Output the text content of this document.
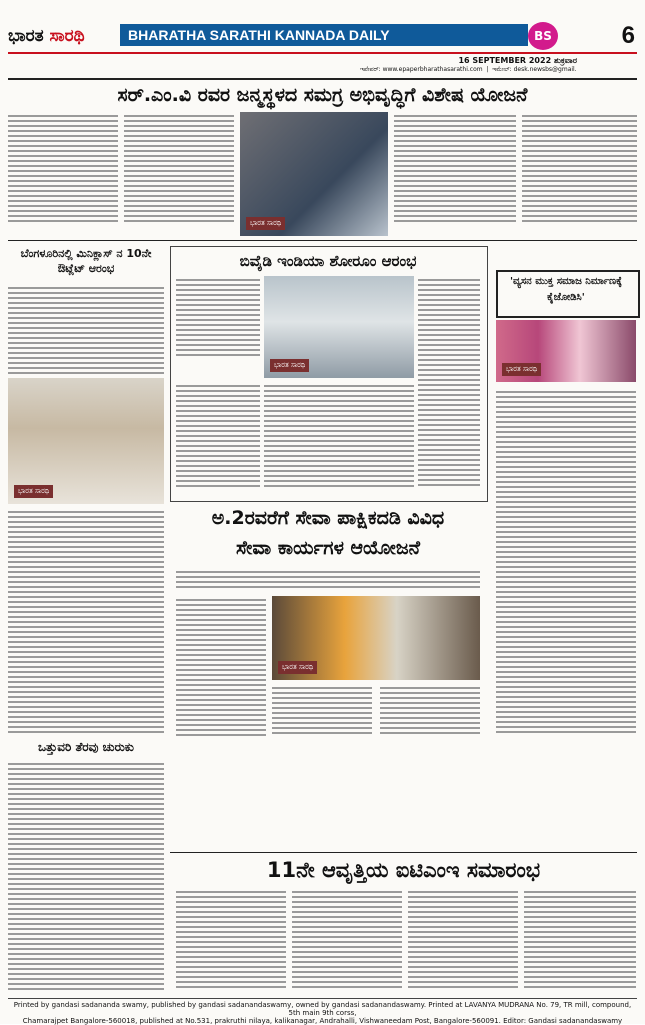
ಭಾರತ ಸಾರಥಿ	BHARATHA SARATHI KANNADA DAILY	BS	6
16 SEPTEMBER 2022 ಶುಕ್ರವಾರ
ಇಪೇಪರ್: www.epaperbharathasarathi.com  |  ಇಮೇಲ್: desk.newsbs@gmail.
ಸರ್.ಎಂ.ವಿ ರವರ ಜನ್ಮಸ್ಥಳದ ಸಮಗ್ರ ಅಭಿವೃದ್ಧಿಗೆ ವಿಶೇಷ ಯೋಜನೆ
ಭಾರತ ಸಾರಥಿ
ಬೆಂಗಳೂರಿನಲ್ಲಿ ಮಿನಿಕ್ಲಾಸ್ ನ 10ನೇ ಔಟ್ಲೆಟ್ ಆರಂಭ
ಭಾರತ ಸಾರಥಿ
ಬಿವೈಡಿ ಇಂಡಿಯಾ ಶೋರೂಂ ಆರಂಭ
ಭಾರತ ಸಾರಥಿ
'ವ್ಯಸನ ಮುಕ್ತ ಸಮಾಜ ನಿರ್ಮಾಣಕ್ಕೆ ಕೈಜೋಡಿಸಿ'
ಭಾರತ ಸಾರಥಿ
ಅ.2ರವರೆಗೆ ಸೇವಾ ಪಾಕ್ಷಿಕದಡಿ ವಿವಿಧ
ಸೇವಾ ಕಾರ್ಯಗಳ ಆಯೋಜನೆ
ಭಾರತ ಸಾರಥಿ
ಒತ್ತುವರಿ ತೆರವು ಚುರುಕು
11ನೇ ಆವೃತ್ತಿಯ ಐಟಿಎಂಇ ಸಮಾರಂಭ
Printed by gandasi sadananda swamy, published by gandasi sadanandaswamy, owned by gandasi sadanandaswamy. Printed at LAVANYA MUDRANA No. 79, TR mill, compound, 5th main 9th corss,
Chamarajpet Bangalore-560018, published at No.531, prakruthi nilaya, kalikanagar, Andrahalli, Vishwaneedam Post, Bangalore-560091. Editor: Gandasi sadanandaswamy
